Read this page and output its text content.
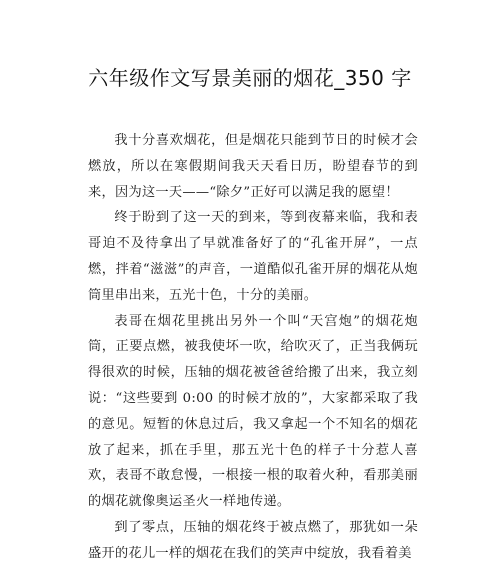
六年级作文写景美丽的烟花_350 字

我十分喜欢烟花，但是烟花只能到节日的时候才会燃放，所以在寒假期间我天天看日历，盼望春节的到来，因为这一天——“除夕”正好可以满足我的愿望！

终于盼到了这一天的到来，等到夜幕来临，我和表哥迫不及待拿出了早就准备好了的“孔雀开屏”，一点燃，拌着“滋滋”的声音，一道酷似孔雀开屏的烟花从炮筒里串出来，五光十色，十分的美丽。

表哥在烟花里挑出另外一个叫“天宫炮”的烟花炮筒，正要点燃，被我使坏一吹，给吹灭了，正当我俩玩得很欢的时候，压轴的烟花被爸爸给搬了出来，我立刻说：“这些要到 0:00 的时候才放的”，大家都采取了我的意见。短暂的休息过后，我又拿起一个不知名的烟花放了起来，抓在手里，那五光十色的样子十分惹人喜欢，表哥不敢怠慢，一根接一根的取着火种，看那美丽的烟花就像奥运圣火一样地传递。

到了零点，压轴的烟花终于被点燃了，那犹如一朵盛开的花儿一样的烟花在我们的笑声中绽放，我看着美
